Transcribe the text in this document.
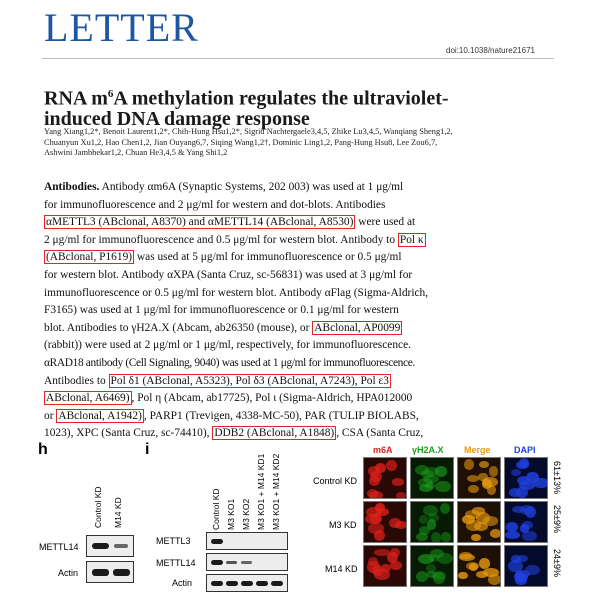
LETTER
doi:10.1038/nature21671
RNA $m^6A$ methylation regulates the ultraviolet-
induced DNA damage response
Yang Xiang1,2*, Benoit Laurent1,2*, Chih-Hung Hsu1,2*, Sigrid Nachtergaele3,4,5, Zhike Lu3,4,5, Wanqiang Sheng1,2,
Chuanyun Xu1,2, Hao Chen1,2, Jian Ouyang6,7, Siqing Wang1,2†, Dominic Ling1,2, Pang-Hung Hsu8, Lee Zou6,7,
Ashwini Jambhekar1,2, Chuan He3,4,5 & Yang Shi1,2
Antibodies. Antibody αm6A (Synaptic Systems, 202 003) was used at 1 μg/ml
for immunofluorescence and 2 μg/ml for western and dot-blots. Antibodies
αMETTL3 (ABclonal, A8370) and αMETTL14 (ABclonal, A8530) were used at
2 μg/ml for immunofluorescence and 0.5 μg/ml for western blot. Antibody to Pol κ
(ABclonal, P1619) was used at 5 μg/ml for immunofluorescence or 0.5 μg/ml
for western blot. Antibody αXPA (Santa Cruz, sc-56831) was used at 3 μg/ml for
immunofluorescence or 0.5 μg/ml for western blot. Antibody αFlag (Sigma-Aldrich,
F3165) was used at 1 μg/ml for immunofluorescence or 0.1 μg/ml for western
blot. Antibodies to γH2A.X (Abcam, ab26350 (mouse), or ABclonal, AP0099
(rabbit)) were used at 2 μg/ml or 1 μg/ml, respectively, for immunofluorescence.
αRAD18 antibody (Cell Signaling, 9040) was used at 1 μg/ml for immunofluorescence.
Antibodies to Pol δ1 (ABclonal, A5323), Pol δ3 (ABclonal, A7243), Pol ε3
ABclonal, A6469) , Pol η (Abcam, ab17725), Pol ι (Sigma-Aldrich, HPA012000
or ABclonal, A1942) , PARP1 (Trevigen, 4338-MC-50), PAR (TULIP BIOLABS,
1023), XPC (Santa Cruz, sc-74410), DDB2 (ABclonal, A1848) , CSA (Santa Cruz,
h
Control KD M14 KD
METTL14
Actin
i
Control KD M3 KO1 M3 KO2 M3 KO1 + M14 KD1 M3 KO1 + M14 KD2
METTL3
METTL14
Actin
m6A γH2A.X Merge	DAPI
Control KD
M3 KD
M14 KD
61±13%
25±9%
24±9%
